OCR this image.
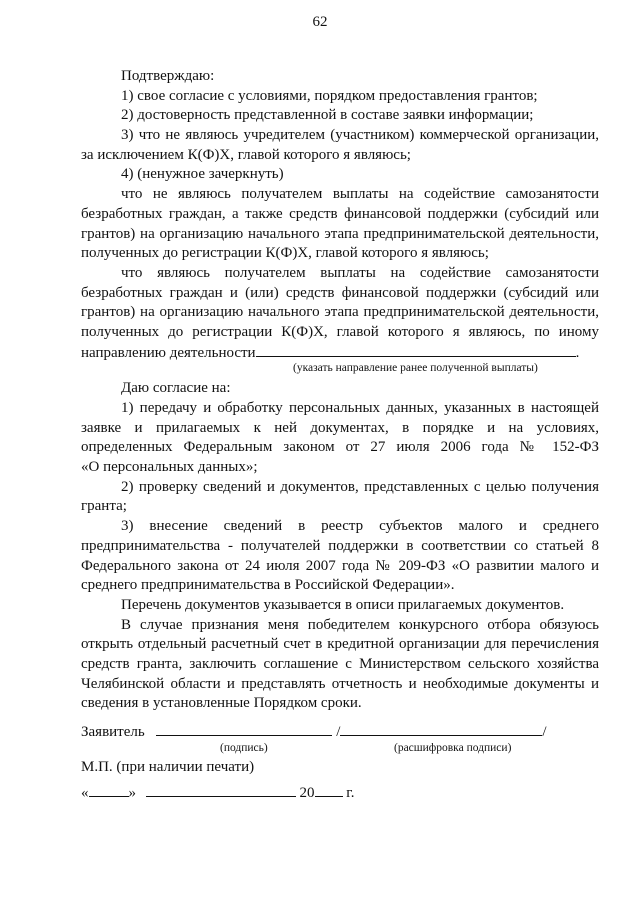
62
Подтверждаю:
1) свое согласие с условиями, порядком предоставления грантов;
2) достоверность представленной в составе заявки информации;
3) что не являюсь учредителем (участником) коммерческой организации,
за исключением К(Ф)Х, главой которого я являюсь;
4) (ненужное зачеркнуть)
что не являюсь получателем выплаты на содействие самозанятости
безработных граждан, а также средств финансовой поддержки (субсидий или
грантов) на организацию начального этапа предпринимательской деятельности,
полученных до регистрации К(Ф)Х, главой которого я являюсь;
что являюсь получателем выплаты на содействие самозанятости
безработных граждан и (или) средств финансовой поддержки (субсидий или
грантов) на организацию начального этапа предпринимательской деятельности,
полученных до регистрации К(Ф)Х, главой которого я являюсь, по иному
направлению деятельности	.
(указать направление ранее полученной выплаты)
Даю согласие на:
1) передачу и обработку персональных данных, указанных в настоящей
заявке и прилагаемых к ней документах, в порядке и на условиях,
определенных Федеральным законом от 27 июля 2006 года № 152-ФЗ
«О персональных данных»;
2) проверку сведений и документов, представленных с целью получения
гранта;
3) внесение сведений в реестр субъектов малого и среднего
предпринимательства - получателей поддержки в соответствии со статьей 8
Федерального закона от 24 июля 2007 года № 209-ФЗ «О развитии малого и
среднего предпринимательства в Российской Федерации».
Перечень документов указывается в описи прилагаемых документов.
В случае признания меня победителем конкурсного отбора обязуюсь
открыть отдельный расчетный счет в кредитной организации для перечисления
средств гранта, заключить соглашение с Министерством сельского хозяйства
Челябинской области и представлять отчетность и необходимые документы и
сведения в установленные Порядком сроки.
Заявитель	/	/
(подпись)	(расшифровка подписи)
М.П. (при наличии печати)
«	»	20 г.
